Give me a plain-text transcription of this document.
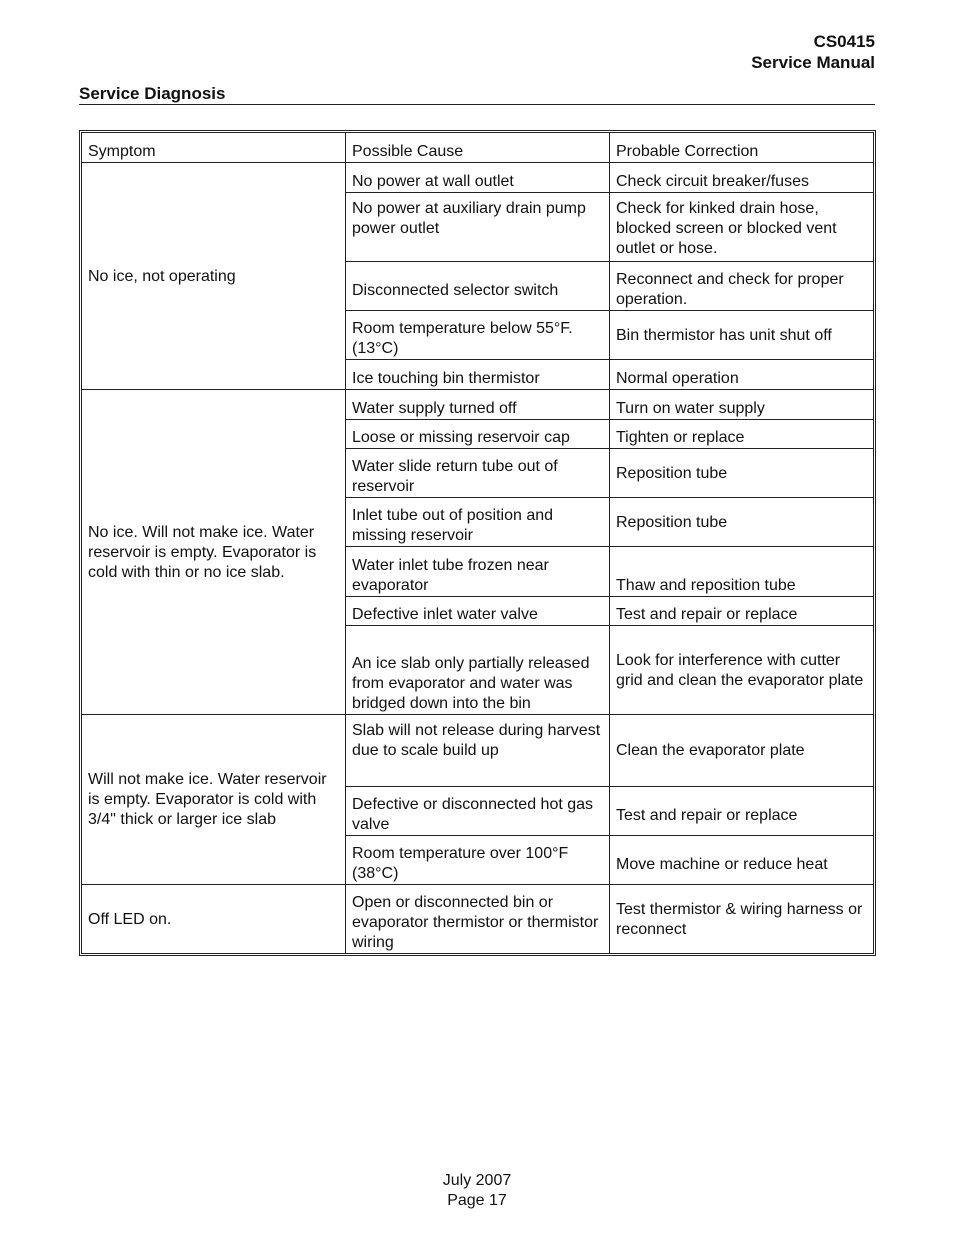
CS0415
Service Manual
Service Diagnosis
Symptom	Possible Cause	Probable Correction
No ice, not operating	No power at wall outlet	Check circuit breaker/fuses
	No power at auxiliary drain pump power outlet	Check for kinked drain hose, blocked screen or blocked vent outlet or hose.
	Disconnected selector switch	Reconnect and check for proper operation.
	Room temperature below 55°F. (13°C)	Bin thermistor has unit shut off
	Ice touching bin thermistor	Normal operation
No ice. Will not make ice. Water reservoir is empty. Evaporator is cold with thin or no ice slab.	Water supply turned off	Turn on water supply
	Loose or missing reservoir cap	Tighten or replace
	Water slide return tube out of reservoir	Reposition tube
	Inlet tube out of position and missing reservoir	Reposition tube
	Water inlet tube frozen near evaporator	Thaw and reposition tube
	Defective inlet water valve	Test and repair or replace
	An ice slab only partially released from evaporator and water was bridged down into the bin	Look for interference with cutter grid and clean the evaporator plate
Will not make ice. Water reservoir is empty. Evaporator is cold with 3/4" thick or larger ice slab	Slab will not release during harvest due to scale build up	Clean the evaporator plate
	Defective or disconnected hot gas valve	Test and repair or replace
	Room temperature over 100°F (38°C)	Move machine or reduce heat
Off LED on.	Open or disconnected bin or evaporator thermistor or thermistor wiring	Test thermistor & wiring harness or reconnect
July 2007
Page 17
